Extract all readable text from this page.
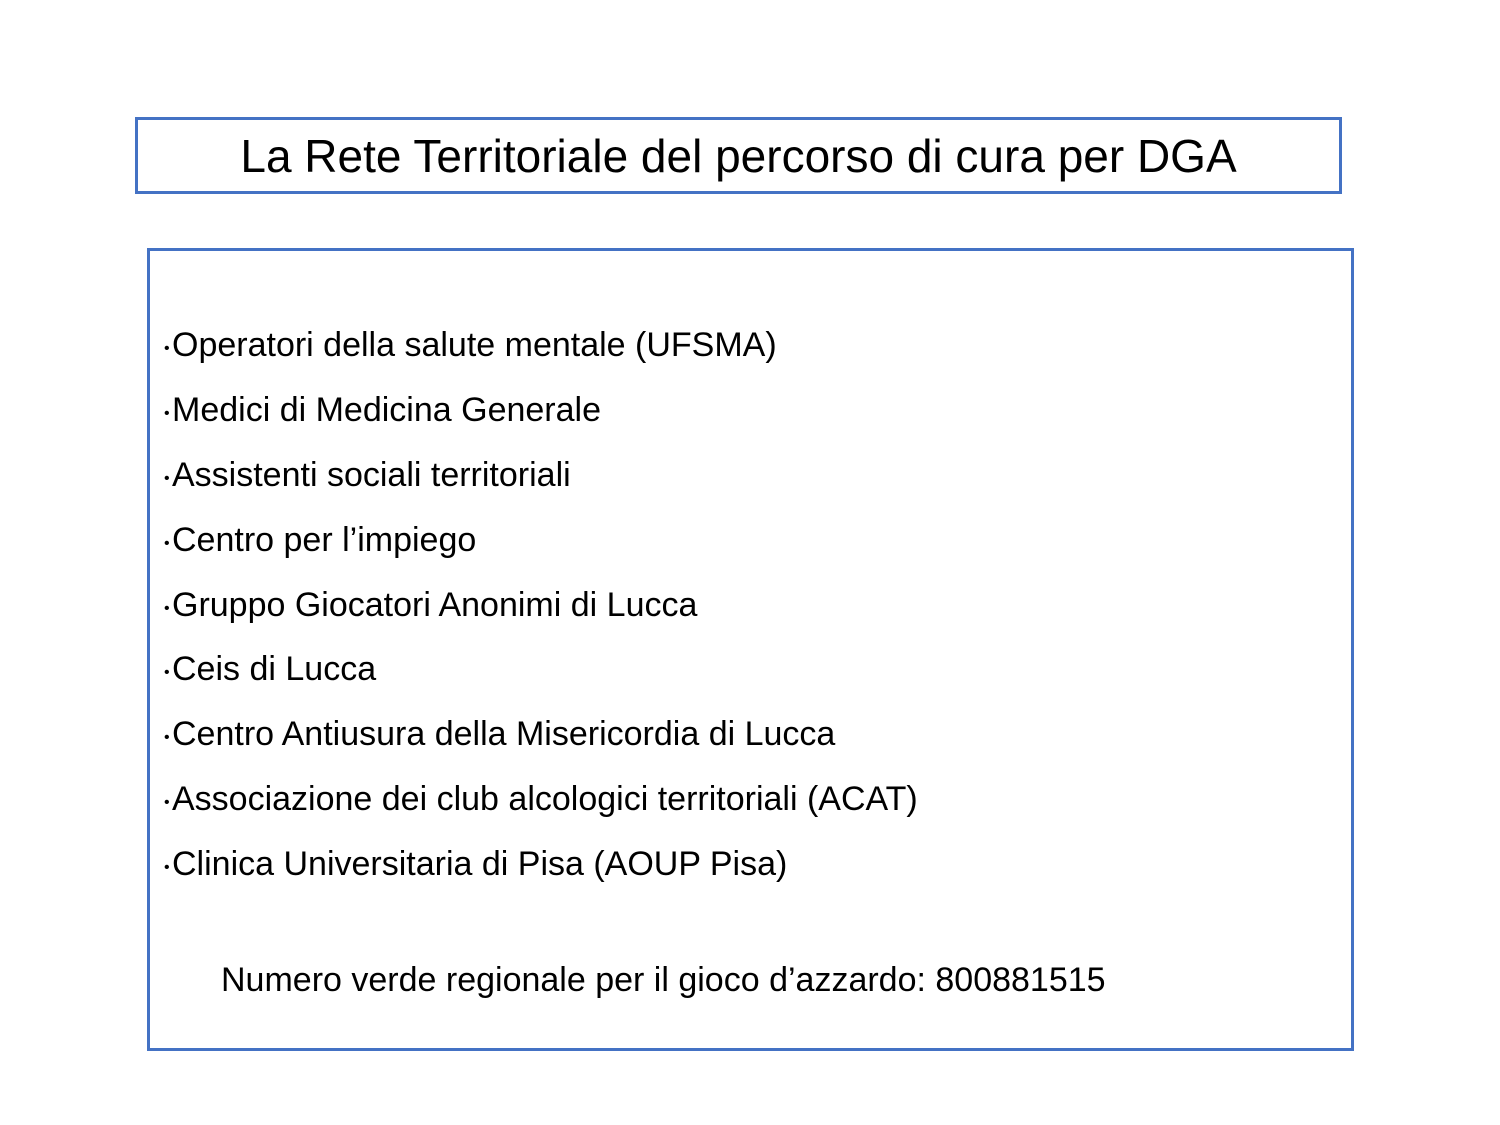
La Rete Territoriale del percorso di cura per DGA
• Operatori della salute mentale (UFSMA)
• Medici di Medicina Generale
• Assistenti sociali territoriali
• Centro per l’impiego
• Gruppo Giocatori Anonimi di Lucca
• Ceis di Lucca
• Centro Antiusura della Misericordia di Lucca
• Associazione dei club alcologici territoriali (ACAT)
• Clinica Universitaria di Pisa (AOUP Pisa)
Numero verde regionale per il gioco d’azzardo: 800881515
